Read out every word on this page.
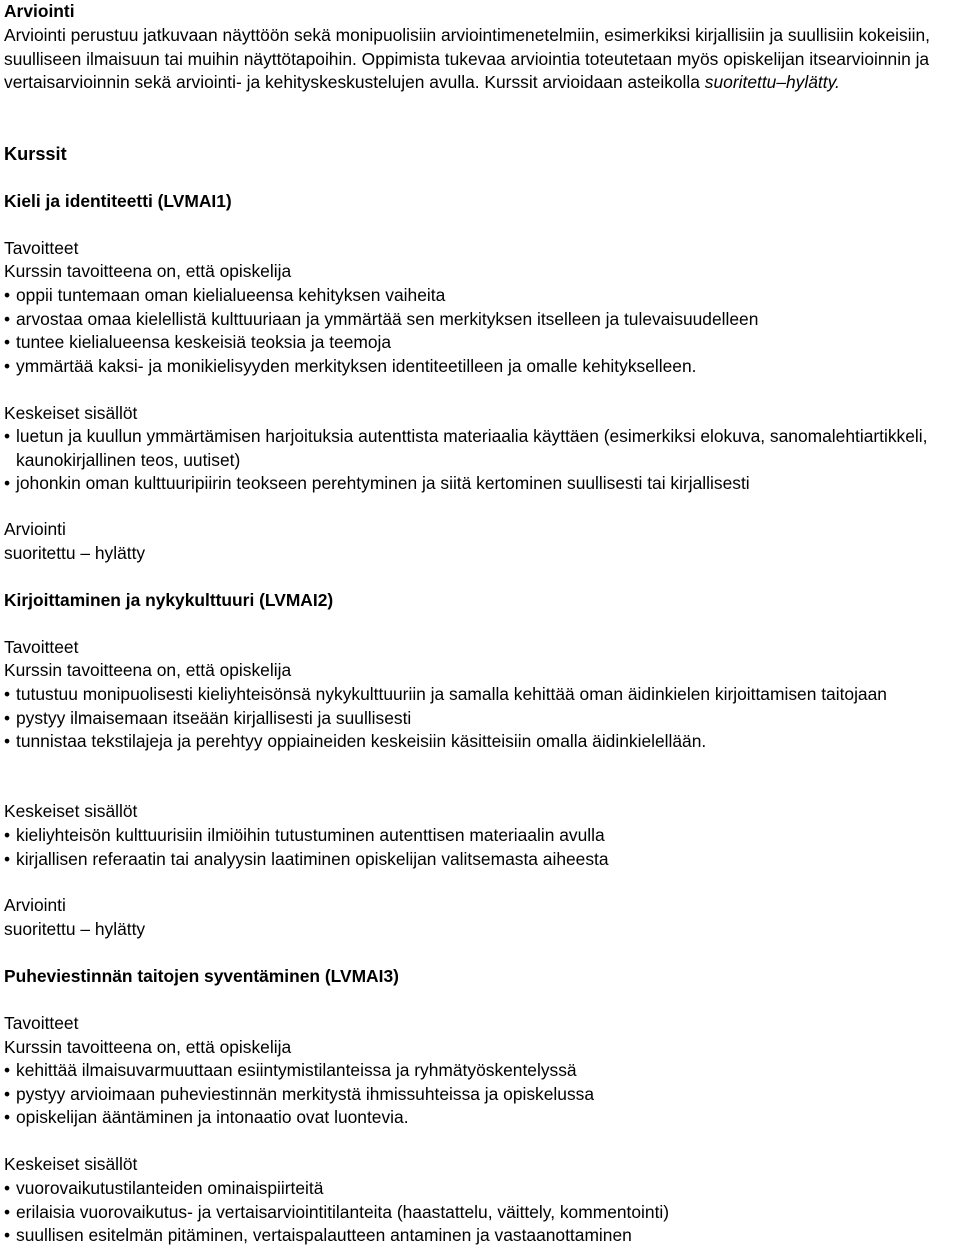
Arviointi

Arviointi perustuu jatkuvaan näyttöön sekä monipuolisiin arviointimenetelmiin, esimerkiksi kirjallisiin ja suullisiin kokeisiin, suulliseen ilmaisuun tai muihin näyttötapoihin. Oppimista tukevaa arviointia toteutetaan myös opiskelijan itsearvioinnin ja vertaisarvioinnin sekä arviointi- ja kehityskeskustelujen avulla. Kurssit arvioidaan asteikolla suoritettu–hylätty.

Kurssit
Kieli ja identiteetti (LVMAI1)
Tavoitteet
Kurssin tavoitteena on, että opiskelija
• oppii tuntemaan oman kielialueensa kehityksen vaiheita
• arvostaa omaa kielellistä kulttuuriaan ja ymmärtää sen merkityksen itselleen ja tulevaisuudelleen
• tuntee kielialueensa keskeisiä teoksia ja teemoja
• ymmärtää kaksi- ja monikielisyyden merkityksen identiteetilleen ja omalle kehitykselleen.
Keskeiset sisällöt
• luetun ja kuullun ymmärtämisen harjoituksia autenttista materiaalia käyttäen (esimerkiksi elokuva, sanomalehtiartikkeli, kaunokirjallinen teos, uutiset)
• johonkin oman kulttuuripiirin teokseen perehtyminen ja siitä kertominen suullisesti tai kirjallisesti
Arviointi
suoritettu – hylätty
Kirjoittaminen ja nykykulttuuri (LVMAI2)
Tavoitteet
Kurssin tavoitteena on, että opiskelija
• tutustuu monipuolisesti kieliyhteisönsä nykykulttuuriin ja samalla kehittää oman äidinkielen kirjoittamisen taitojaan
• pystyy ilmaisemaan itseään kirjallisesti ja suullisesti
• tunnistaa tekstilajeja ja perehtyy oppiaineiden keskeisiin käsitteisiin omalla äidinkielellään.
Keskeiset sisällöt
• kieliyhteisön kulttuurisiin ilmiöihin tutustuminen autenttisen materiaalin avulla
• kirjallisen referaatin tai analyysin laatiminen opiskelijan valitsemasta aiheesta
Arviointi
suoritettu – hylätty
Puheviestinnän taitojen syventäminen (LVMAI3)
Tavoitteet
Kurssin tavoitteena on, että opiskelija
• kehittää ilmaisuvarmuuttaan esiintymistilanteissa ja ryhmätyöskentelyssä
• pystyy arvioimaan puheviestinnän merkitystä ihmissuhteissa ja opiskelussa
• opiskelijan ääntäminen ja intonaatio ovat luontevia.
Keskeiset sisällöt
• vuorovaikutustilanteiden ominaispiirteitä
• erilaisia vuorovaikutus- ja vertaisarviointitilanteita (haastattelu, väittely, kommentointi)
• suullisen esitelmän pitäminen, vertaispalautteen antaminen ja vastaanottaminen
